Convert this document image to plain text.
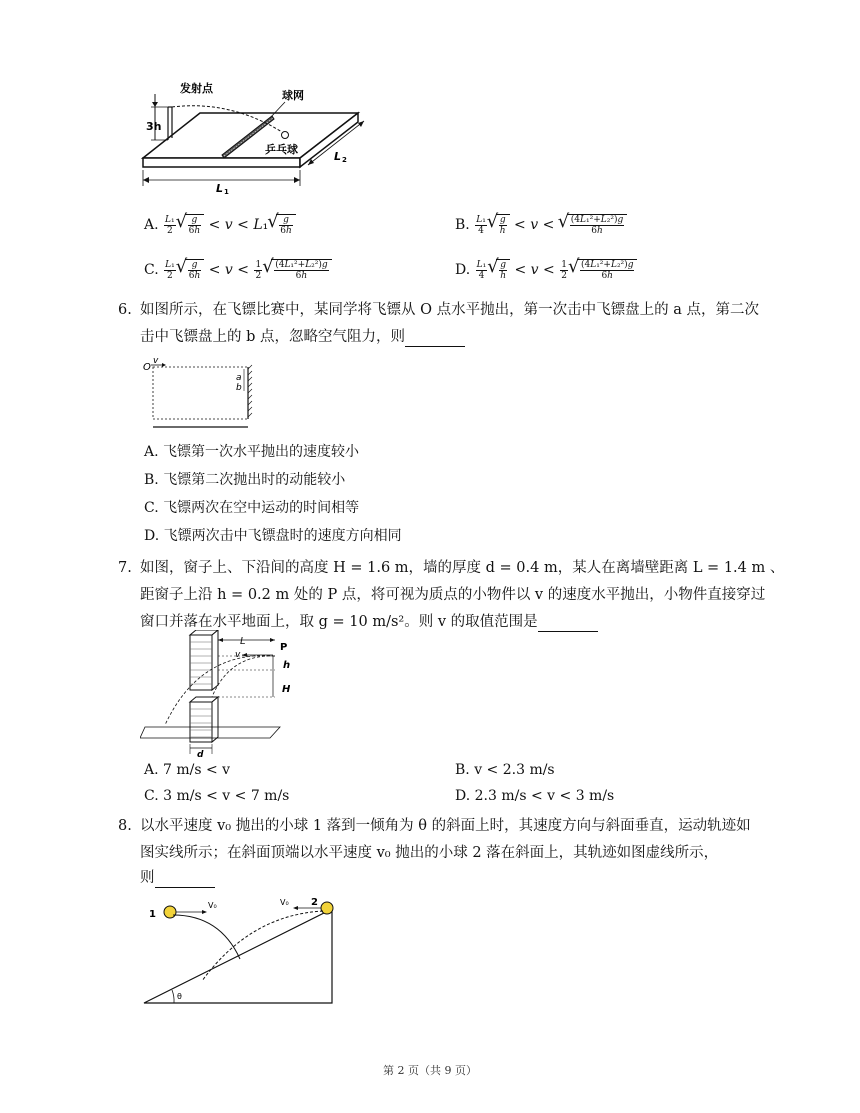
3h
发射点
球网
乒乓球
L 1
L 2
A. $\frac{\text{L₁}}{2}$ √ $\frac{g}{6h} < v < L_1$ √ $\frac{g}{6h}$	B. $\frac{\text{L₁}}{4}$ √ $\frac{g}{h} < v$ < √ $\frac{\text{(4L₁²+L₂²)g}}{6h}$
C. $\frac{\text{L₁}}{2}$ √ $\frac{g}{6h} < v < \frac{1}{2}$ √ $\frac{\text{(4L₁²+L₂²)g}}{6h}$	D. $\frac{\text{L₁}}{4}$ √ $\frac{g}{h} < v < \frac{1}{2}$ √ $\frac{\text{(4L₁²+L₂²)g}}{6h}$
6. 如图所示，在飞镖比赛中，某同学将飞镖从 O 点水平抛出，第一次击中飞镖盘上的 a 点，第二次
击中飞镖盘上的 b 点，忽略空气阻力，则
O
v
a
b
A. 飞镖第一次水平抛出的速度较小
B. 飞镖第二次抛出时的动能较小
C. 飞镖两次在空中运动的时间相等
D. 飞镖两次击中飞镖盘时的速度方向相同
7. 如图，窗子上、下沿间的高度 H = 1.6 m，墙的厚度 d = 0.4 m，某人在离墙壁距离 L = 1.4 m 、
距窗子上沿 h = 0.2 m 处的 P 点，将可视为质点的小物件以 v 的速度水平抛出，小物件直接穿过
窗口并落在水平地面上，取 g = 10 m/s²。则 v 的取值范围是
L
P
v
h
H
d
A. 7 m/s < v	B. v < 2.3 m/s
C. 3 m/s < v < 7 m/s	D. 2.3 m/s < v < 3 m/s
8. 以水平速度 v₀ 抛出的小球 1 落到一倾角为 θ 的斜面上时，其速度方向与斜面垂直，运动轨迹如
图实线所示；在斜面顶端以水平速度 v₀ 抛出的小球 2 落在斜面上，其轨迹如图虚线所示，
则
θ
1
V₀	2
V₀
第 2 页（共 9 页）
